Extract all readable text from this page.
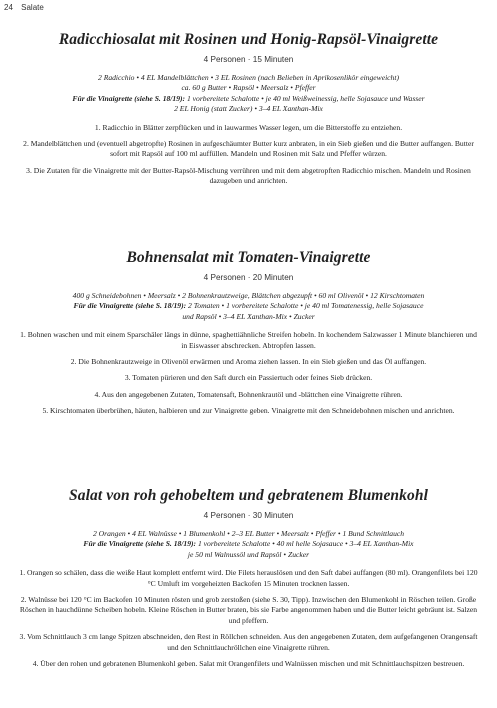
24 Salate
Radicchiosalat mit Rosinen und Honig-Rapsöl-Vinaigrette
4 Personen · 15 Minuten
2 Radicchio • 4 EL Mandelblättchen • 3 EL Rosinen (nach Belieben in Aprikosenlikör eingeweicht)
ca. 60 g Butter • Rapsöl • Meersalz • Pfeffer
Für die Vinaigrette (siehe S. 18/19): 1 vorbereitete Schalotte • je 40 ml Weißweinessig, helle Sojasauce und Wasser
2 EL Honig (statt Zucker) • 3–4 EL Xanthan-Mix
1. Radicchio in Blätter zerpflücken und in lauwarmes Wasser legen, um die Bitterstoffe zu entziehen.
2. Mandelblättchen und (eventuell abgetropfte) Rosinen in aufgeschäumter Butter kurz anbraten, in ein Sieb gießen und die Butter auffangen. Butter sofort mit Rapsöl auf 100 ml auffüllen. Mandeln und Rosinen mit Salz und Pfeffer würzen.
3. Die Zutaten für die Vinaigrette mit der Butter-Rapsöl-Mischung verrühren und mit dem abgetropften Radicchio mischen. Mandeln und Rosinen dazugeben und anrichten.
Bohnensalat mit Tomaten-Vinaigrette
4 Personen · 20 Minuten
400 g Schneidebohnen • Meersalz • 2 Bohnenkrautzweige, Blättchen abgezupft • 60 ml Olivenöl • 12 Kirschtomaten
Für die Vinaigrette (siehe S. 18/19): 2 Tomaten • 1 vorbereitete Schalotte • je 40 ml Tomatenessig, helle Sojasauce
und Rapsöl • 3–4 EL Xanthan-Mix • Zucker
1. Bohnen waschen und mit einem Sparschäler längs in dünne, spaghettiähnliche Streifen hobeln. In kochendem Salzwasser 1 Minute blanchieren und in Eiswasser abschrecken. Abtropfen lassen.
2. Die Bohnenkrautzweige in Olivenöl erwärmen und Aroma ziehen lassen. In ein Sieb gießen und das Öl auffangen.
3. Tomaten pürieren und den Saft durch ein Passiertuch oder feines Sieb drücken.
4. Aus den angegebenen Zutaten, Tomatensaft, Bohnenkrautöl und -blättchen eine Vinaigrette rühren.
5. Kirschtomaten überbrühen, häuten, halbieren und zur Vinaigrette geben. Vinaigrette mit den Schneidebohnen mischen und anrichten.
Salat von roh gehobeltem und gebratenem Blumenkohl
4 Personen · 30 Minuten
2 Orangen • 4 EL Walnüsse • 1 Blumenkohl • 2–3 EL Butter • Meersalz • Pfeffer • 1 Bund Schnittlauch
Für die Vinaigrette (siehe S. 18/19): 1 vorbereitete Schalotte • 40 ml helle Sojasauce • 3–4 EL Xanthan-Mix
je 50 ml Walnussöl und Rapsöl • Zucker
1. Orangen so schälen, dass die weiße Haut komplett entfernt wird. Die Filets herauslösen und den Saft dabei auffangen (80 ml). Orangenfilets bei 120 °C Umluft im vorgeheizten Backofen 15 Minuten trocknen lassen.
2. Walnüsse bei 120 °C im Backofen 10 Minuten rösten und grob zerstoßen (siehe S. 30, Tipp). Inzwischen den Blumenkohl in Röschen teilen. Große Röschen in hauchdünne Scheiben hobeln. Kleine Röschen in Butter braten, bis sie Farbe angenommen haben und die Butter leicht gebräunt ist. Salzen und pfeffern.
3. Vom Schnittlauch 3 cm lange Spitzen abschneiden, den Rest in Röllchen schneiden. Aus den angegebenen Zutaten, dem aufgefangenen Orangensaft und den Schnittlauchröllchen eine Vinaigrette rühren.
4. Über den rohen und gebratenen Blumenkohl geben. Salat mit Orangenfilets und Walnüssen mischen und mit Schnittlauchspitzen bestreuen.
